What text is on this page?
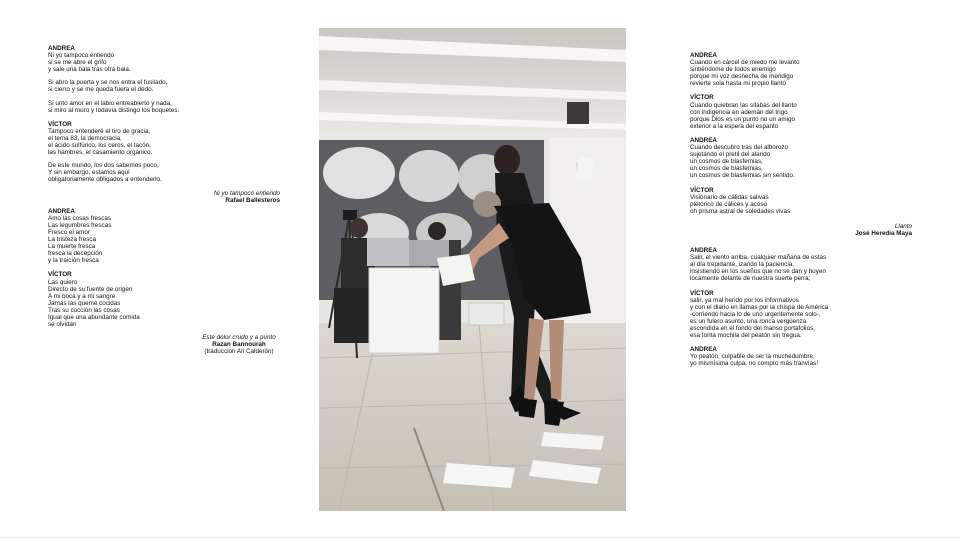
ANDREA
Ni yo tampoco entiendo
si se me abre el grifo
y sale una bala tras otra bala.
Si abro la puerta y se nos entra el fusilado,
si cierro y se me queda fuera el dedo.
Si unto amor en el labio entreabierto y nada,
si miro al muro y todavía distingo los boquetes.
VÍCTOR
Tampoco entenderé el tiro de gracia,
el tema 83, la democracia,
el ácido sulfúrico, los ceros, el tacón,
las hambres, el casamiento orgánico.
De este mundo, los dos sabemos poco,
Y sin embargo, estamos aquí
obligatoriamente obligados a entenderlo.
Ni yo tampoco entiendo
Rafael Ballesteros
ANDREA
Amo las cosas frescas
Las legumbres frescas
Fresco el amor
La tristeza fresca
La muerte fresca
fresca la decepción
y la traición fresca
VÍCTOR
Las quiero
Directo de su fuente de origen
A mi boca y a mi sangre
Jamás las quemé cocidas
Tras su cocción las cosas
Igual que una abundante comida
se olvidan
Este dolor crudo y a punto
Razan Bannourah
(traducción Alí Calderón)
ANDREA
Cuando en cárcel de miedo me levanto
sintiéndome de todos enemigo
porque mi voz deshecha de mendigo
revierte sola hasta mi propio llanto
VÍCTOR
Cuando quiebran las sílabas del llanto
con indigencia en ademán del trigo
porque Dios es un punto no un amigo
exterior a la espera del espanto
ANDREA
Cuando descubro tras del alborozo
sujetando el pretil del alarido
un cosmos de blasfemias,
un cosmos de blasfemias,
un cosmos de blasfemias sin sentido.
VÍCTOR
Visionario de cálidas salivas
pletórico de cálices y acoso
oh prisma astral de soledades vivas
Llanto
José Heredia Maya
ANDREA
Salir, el viento arriba, cualquier mañana de estas
al día trepidante, izando la paciencia,
insistiendo en los sueños que no se dan y huyen
locamente delante de nuestra suerte perra;
VÍCTOR
salir, ya mal herido por los informativos
y con el diario en llamas por la chispa de América
-corriendo hacia lo de uno urgentemente solo-,
es un fulero asunto, una ronca vergüenza
escondida en el fondo del manso portafolios,
esa tonta mochila del peatón sin tregua.
ANDREA
Yo peatón, culpable de ser la muchedumbre,
yo mismísima culpa, no compro más tranvías!
